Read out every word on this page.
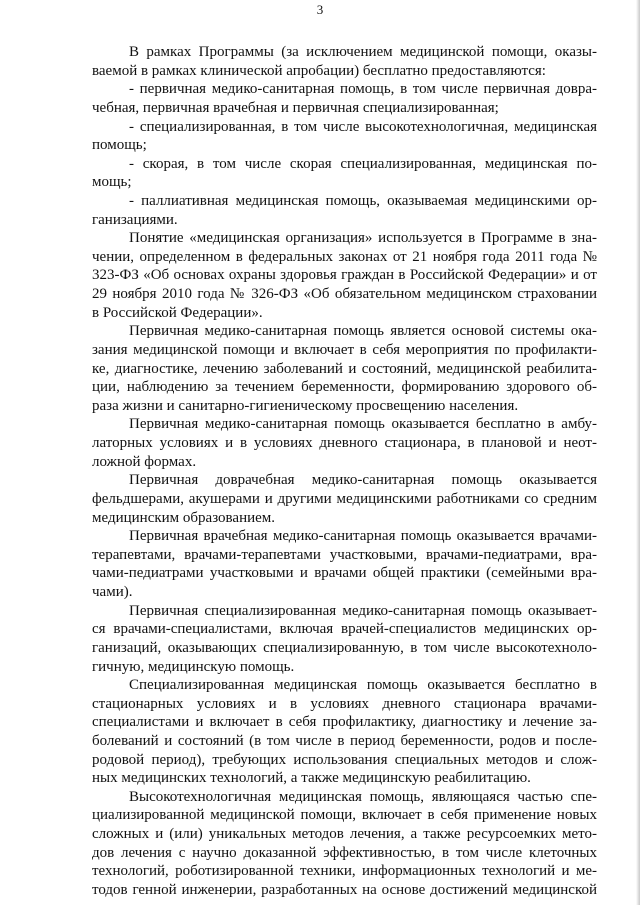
3
В рамках Программы (за исключением медицинской помощи, оказы-
ваемой в рамках клинической апробации) бесплатно предоставляются:
- первичная медико-санитарная помощь, в том числе первичная довра-
чебная, первичная врачебная и первичная специализированная;
- специализированная, в том числе высокотехнологичная, медицинская
помощь;
- скорая, в том числе скорая специализированная, медицинская по-
мощь;
- паллиативная медицинская помощь, оказываемая медицинскими ор-
ганизациями.
Понятие «медицинская организация» используется в Программе в зна-
чении, определенном в федеральных законах от 21 ноября года 2011 года №
323-ФЗ «Об основах охраны здоровья граждан в Российской Федерации» и от
29 ноября 2010 года № 326-ФЗ «Об обязательном медицинском страховании
в Российской Федерации».
Первичная медико-санитарная помощь является основой системы ока-
зания медицинской помощи и включает в себя мероприятия по профилакти-
ке, диагностике, лечению заболеваний и состояний, медицинской реабилита-
ции, наблюдению за течением беременности, формированию здорового об-
раза жизни и санитарно-гигиеническому просвещению населения.
Первичная медико-санитарная помощь оказывается бесплатно в амбу-
латорных условиях и в условиях дневного стационара, в плановой и неот-
ложной формах.
Первичная доврачебная медико-санитарная помощь оказывается
фельдшерами, акушерами и другими медицинскими работниками со средним
медицинским образованием.
Первичная врачебная медико-санитарная помощь оказывается врачами-
терапевтами, врачами-терапевтами участковыми, врачами-педиатрами, вра-
чами-педиатрами участковыми и врачами общей практики (семейными вра-
чами).
Первичная специализированная медико-санитарная помощь оказывает-
ся врачами-специалистами, включая врачей-специалистов медицинских ор-
ганизаций, оказывающих специализированную, в том числе высокотехноло-
гичную, медицинскую помощь.
Специализированная медицинская помощь оказывается бесплатно в
стационарных условиях и в условиях дневного стационара врачами-
специалистами и включает в себя профилактику, диагностику и лечение за-
болеваний и состояний (в том числе в период беременности, родов и после-
родовой период), требующих использования специальных методов и слож-
ных медицинских технологий, а также медицинскую реабилитацию.
Высокотехнологичная медицинская помощь, являющаяся частью спе-
циализированной медицинской помощи, включает в себя применение новых
сложных и (или) уникальных методов лечения, а также ресурсоемких мето-
дов лечения с научно доказанной эффективностью, в том числе клеточных
технологий, роботизированной техники, информационных технологий и ме-
тодов генной инженерии, разработанных на основе достижений медицинской
